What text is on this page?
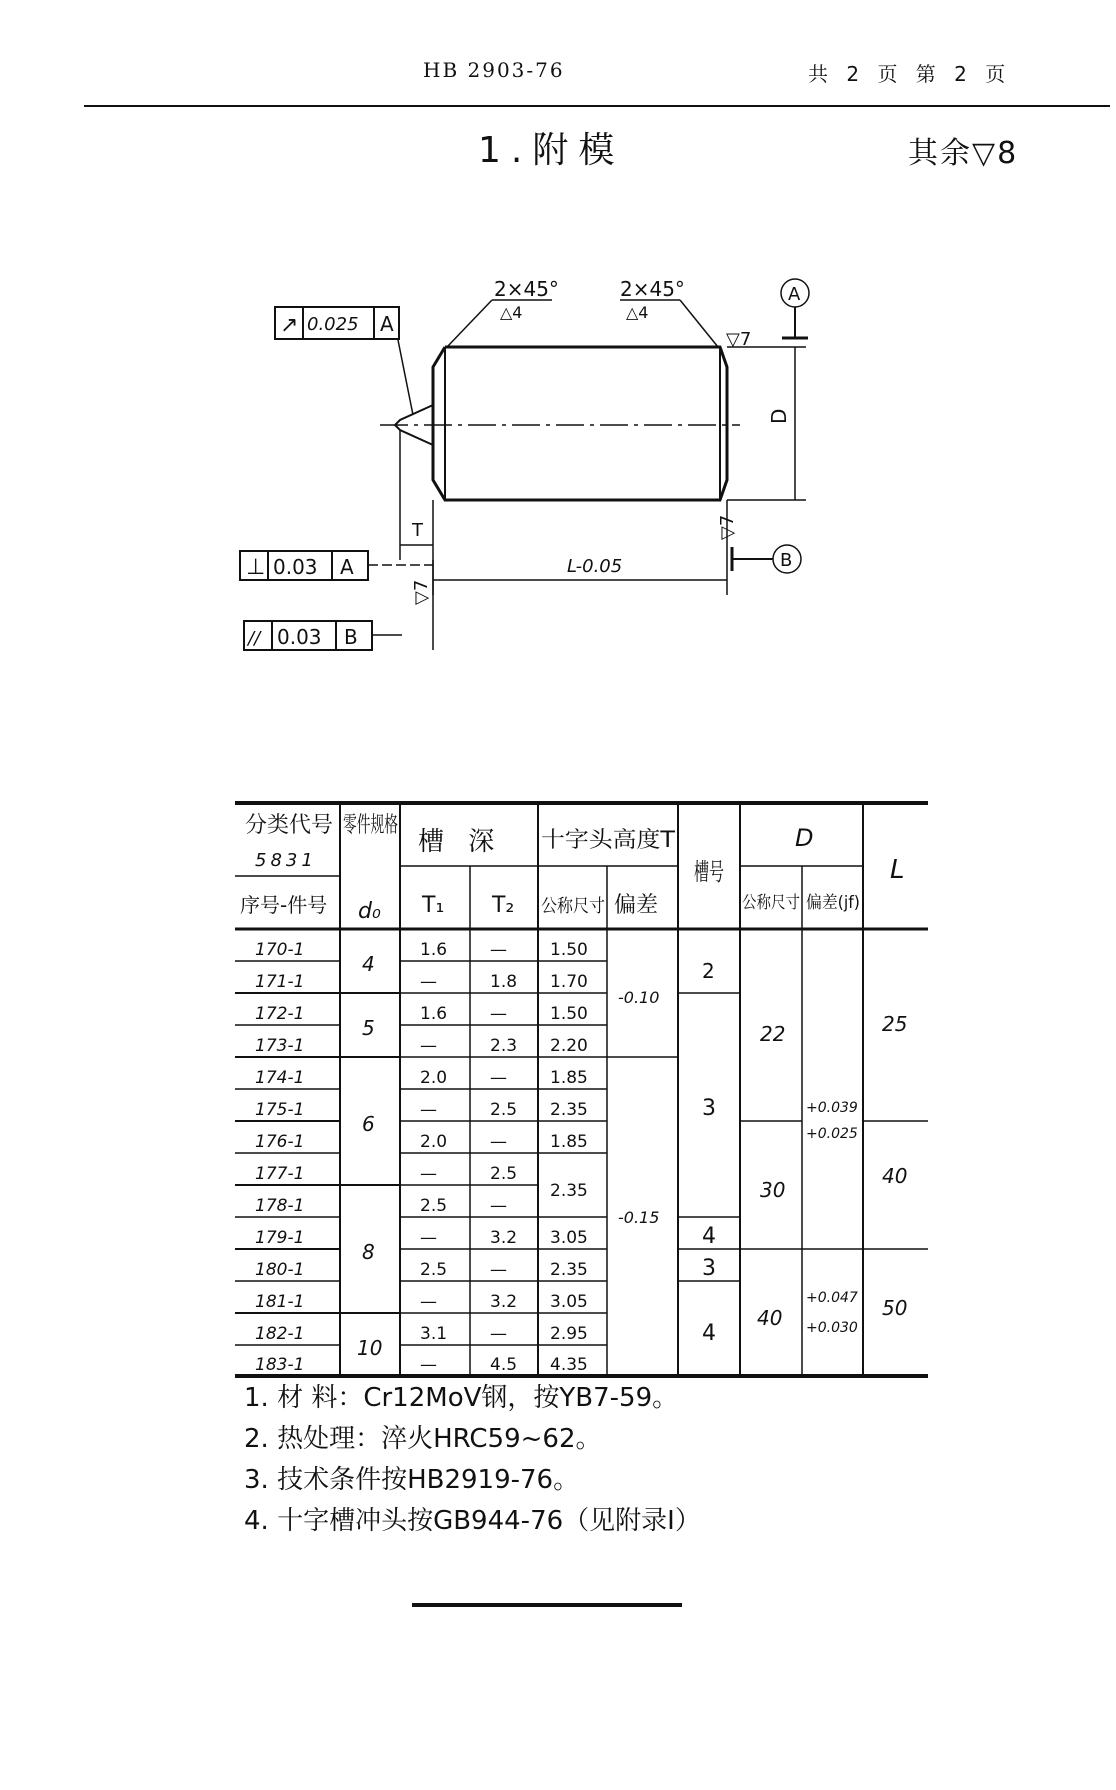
HB 2903-76	共 2 页 第 2 页
1.附模	其余▽8
2×45°
△4
2×45°
△4
D
▽7
A
B
▽7
L-0.05
T
▽7
↗ 0.025 A
⊥ 0.03 A
// 0.03 B
分类代号
5831
序号-件号
零件规格
d₀
槽 深
T₁ T₂
十字头高度T
公称尺寸 偏差
槽号
D
公称尺寸 偏差(jf)
L
170-1
171-1
172-1
173-1
174-1
175-1
176-1
177-1
178-1
179-1
180-1
181-1
182-1
183-1
4
5
6
8
10
1.6
—
1.6
—
2.0
—
2.0
—
2.5
—
2.5
—
3.1
—
—
1.8
—
2.3
—
2.5
—
2.5
—
3.2
—
3.2
—
4.5
1.50
1.70
1.50
2.20
1.85
2.35
1.85
2.35
3.05
2.35
3.05
2.95
4.35
-0.10
-0.15
2
3
4
3
4
22
30
40
+0.039
+0.025
+0.047
+0.030
25
40
50
1. 材 料：Cr12MoV钢，按YB7-59。
2. 热处理：淬火HRC59~62。
3. 技术条件按HB2919-76。
4. 十字槽冲头按GB944-76（见附录Ⅰ）
